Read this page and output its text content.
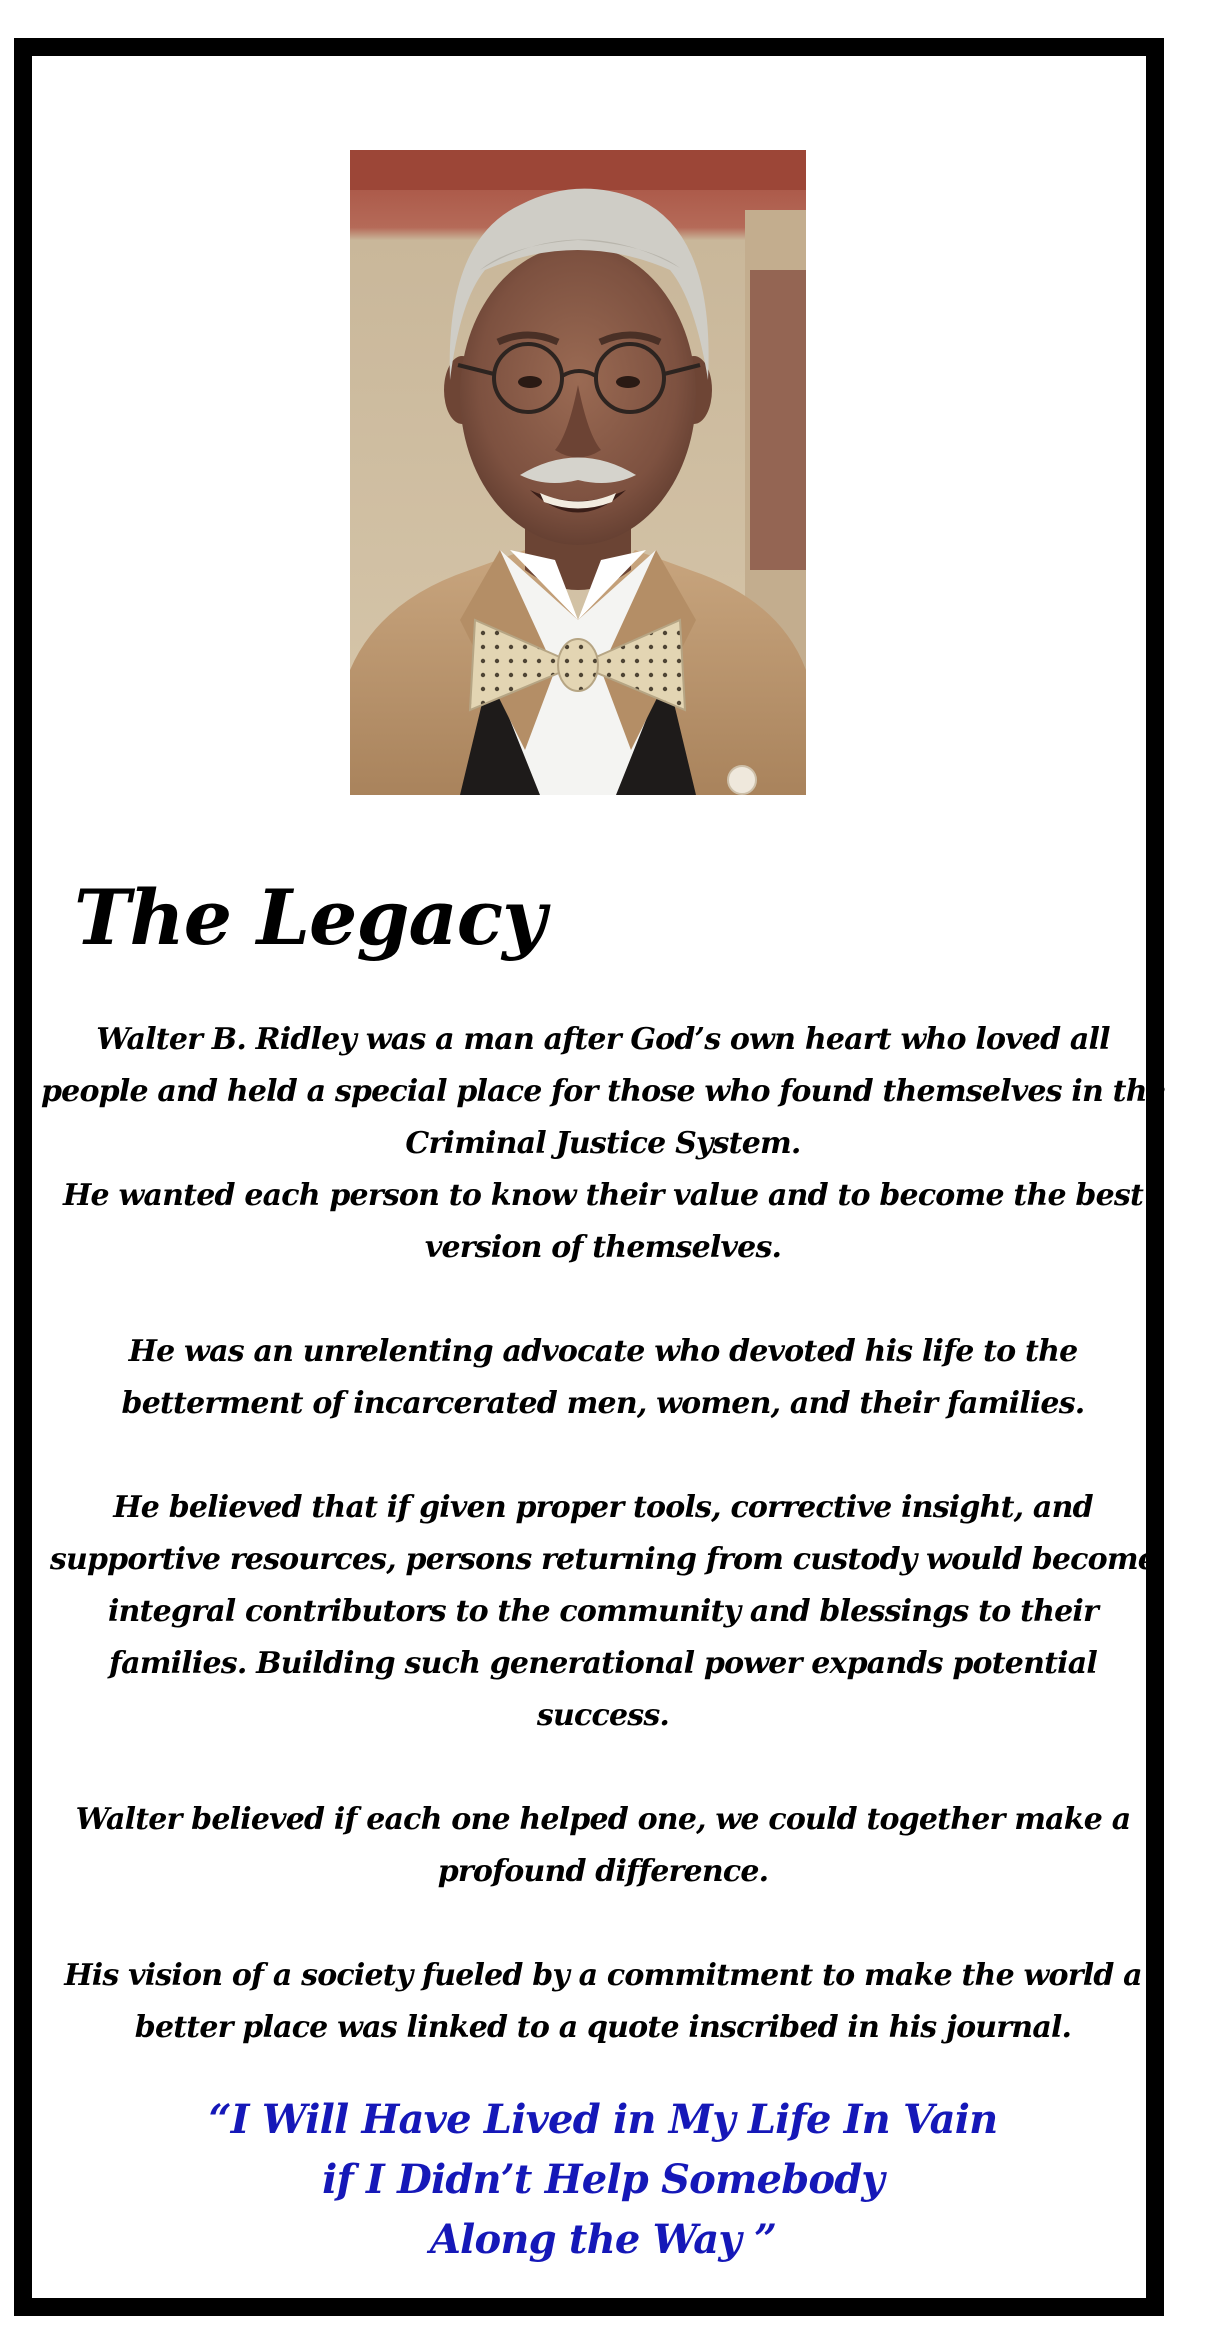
The Legacy

Walter B. Ridley was a man after God’s own heart who loved all people and held a special place for those who found themselves in the Criminal Justice System.

He wanted each person to know their value and to become the best version of themselves.

He was an unrelenting advocate who devoted his life to the betterment of incarcerated men, women, and their families.

He believed that if given proper tools, corrective insight, and supportive resources, persons returning from custody would become integral contributors to the community and blessings to their families. Building such generational power expands potential success.

Walter believed if each one helped one, we could together make a profound difference.

His vision of a society fueled by a commitment to make the world a better place was linked to a quote inscribed in his journal.

“I Will Have Lived in My Life In Vain
if I Didn’t Help Somebody
Along the Way ”
